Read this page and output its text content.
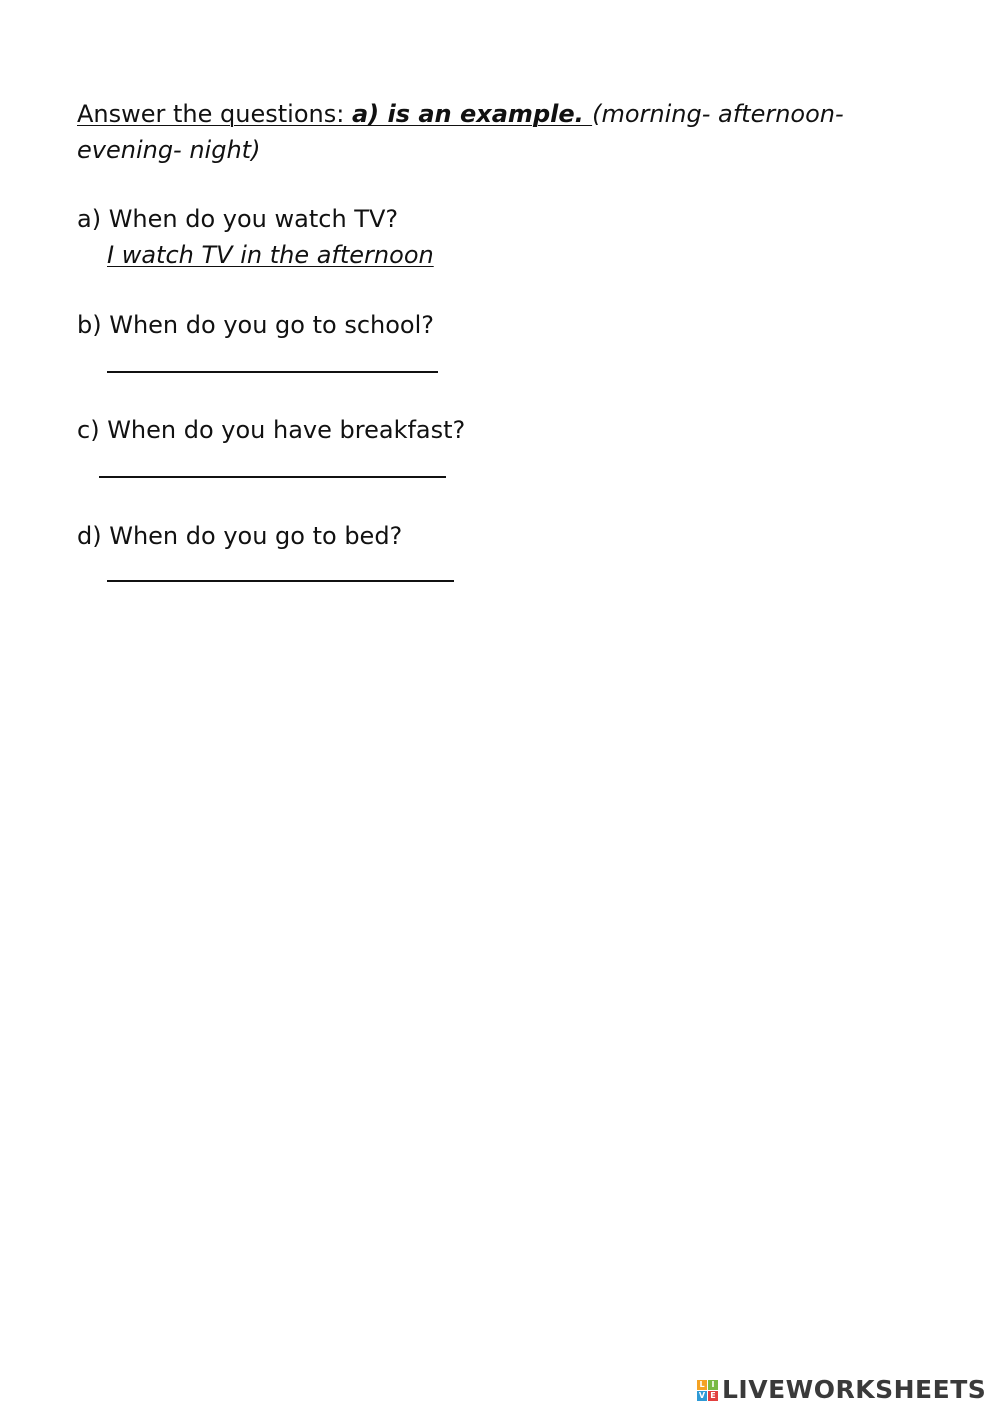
Answer the questions: a) is an example. (morning- afternoon- evening- night)
a) When do you watch TV?
I watch TV in the afternoon
b) When do you go to school?
c) When do you have breakfast?
d) When do you go to bed?
L I
V E LIVEWORKSHEETS
